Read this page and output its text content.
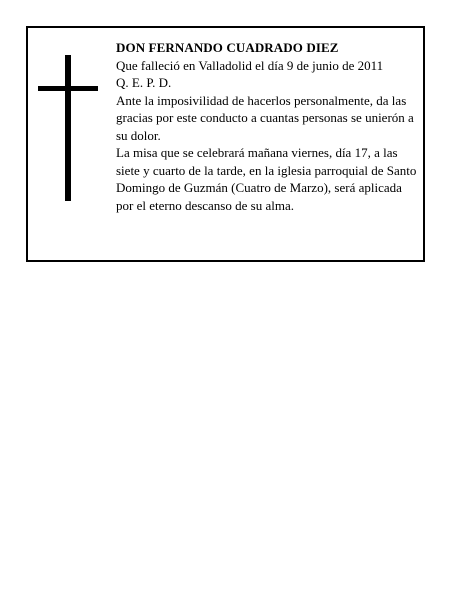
DON FERNANDO CUADRADO DIEZ

Que falleció en Valladolid el día 9 de junio de 2011

Q. E. P. D.

Ante la imposivilidad de hacerlos personalmente, da las gracias por este conducto a cuantas personas se unierón a su dolor.

La misa que se celebrará mañana viernes, día 17, a las siete y cuarto de la tarde, en la iglesia parroquial de Santo Domingo de Guzmán (Cuatro de Marzo), será aplicada por el eterno descanso de su alma.
